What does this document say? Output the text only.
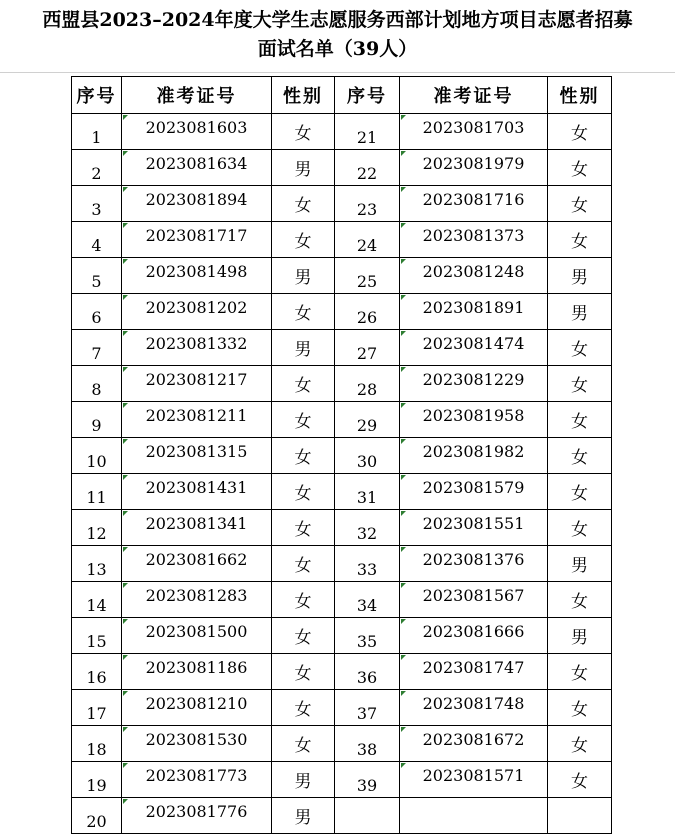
西盟县2023–2024年度大学生志愿服务西部计划地方项目志愿者招募
面试名单（39人）
序号	准考证号	性别	序号	准考证号	性别
1	2023081603	女	21	2023081703	女
2	2023081634	男	22	2023081979	女
3	2023081894	女	23	2023081716	女
4	2023081717	女	24	2023081373	女
5	2023081498	男	25	2023081248	男
6	2023081202	女	26	2023081891	男
7	2023081332	男	27	2023081474	女
8	2023081217	女	28	2023081229	女
9	2023081211	女	29	2023081958	女
10	2023081315	女	30	2023081982	女
11	2023081431	女	31	2023081579	女
12	2023081341	女	32	2023081551	女
13	2023081662	女	33	2023081376	男
14	2023081283	女	34	2023081567	女
15	2023081500	女	35	2023081666	男
16	2023081186	女	36	2023081747	女
17	2023081210	女	37	2023081748	女
18	2023081530	女	38	2023081672	女
19	2023081773	男	39	2023081571	女
20	2023081776	男			
